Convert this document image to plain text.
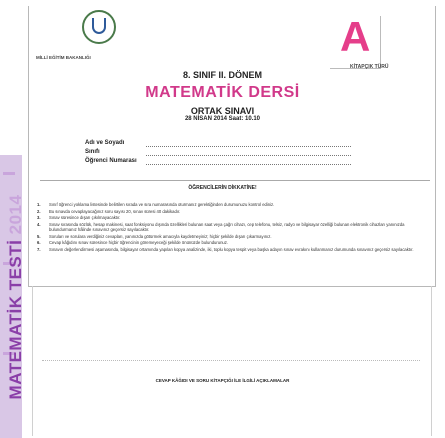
MATEMATİK TESTİ 2014
MİLLİ EĞİTİM BAKANLIĞI	A
KİTAPÇIK TÜRÜ
8. SINIF II. DÖNEM
MATEMATİK DERSİ
ORTAK SINAVI
28 NİSAN 2014 Saat: 10.10
Adı ve Soyadı
Sınıfı
Öğrenci Numarası
ÖĞRENCİLERİN DİKKATİNE!
1. Sınıf öğrenci yoklama listesinde belirtilen sırada ve sıra numarasında oturmanız gerektiğinden durumunuzu kontrol ediniz.
2. Bu sınavda cevaplayacağınız soru sayısı 20, sınav süresi 40 dakikadır.
3. Sınav süresince dışarı çıkılmayacaktır.
4. Sınav sırasında sözlük, hesap makinesi, saat fonksiyonu dışında özellikleri bulunan saat veya çağrı cihazı, cep telefonu, telsiz, radyo ve bilgisayar özelliği bulunan elektronik cihazları yanınızda bulundurmanız hâlinde sınavınız geçersiz sayılacaktır.
5. Soruları ve sorulara verdiğiniz cevapları, yanınızda götürmek amacıyla kaydetmeyiniz; hiçbir şekilde dışarı çıkarmayınız.
6. Cevap kâğıdını sınav süresince hiçbir öğrencinin göremeyeceği şekilde önünüzde bulundurunuz.
7. Sınavın değerlendirmesi aşamasında, bilgisayar ortamında yapılan kopya analizinde, iki, toplu kopya tespit veya başka adayın sınav evrakını kullanmanız durumunda sınavınız geçersiz sayılacaktır.
CEVAP KÂĞIDI VE SORU KİTAPÇIĞI İLE İLGİLİ AÇIKLAMALAR
